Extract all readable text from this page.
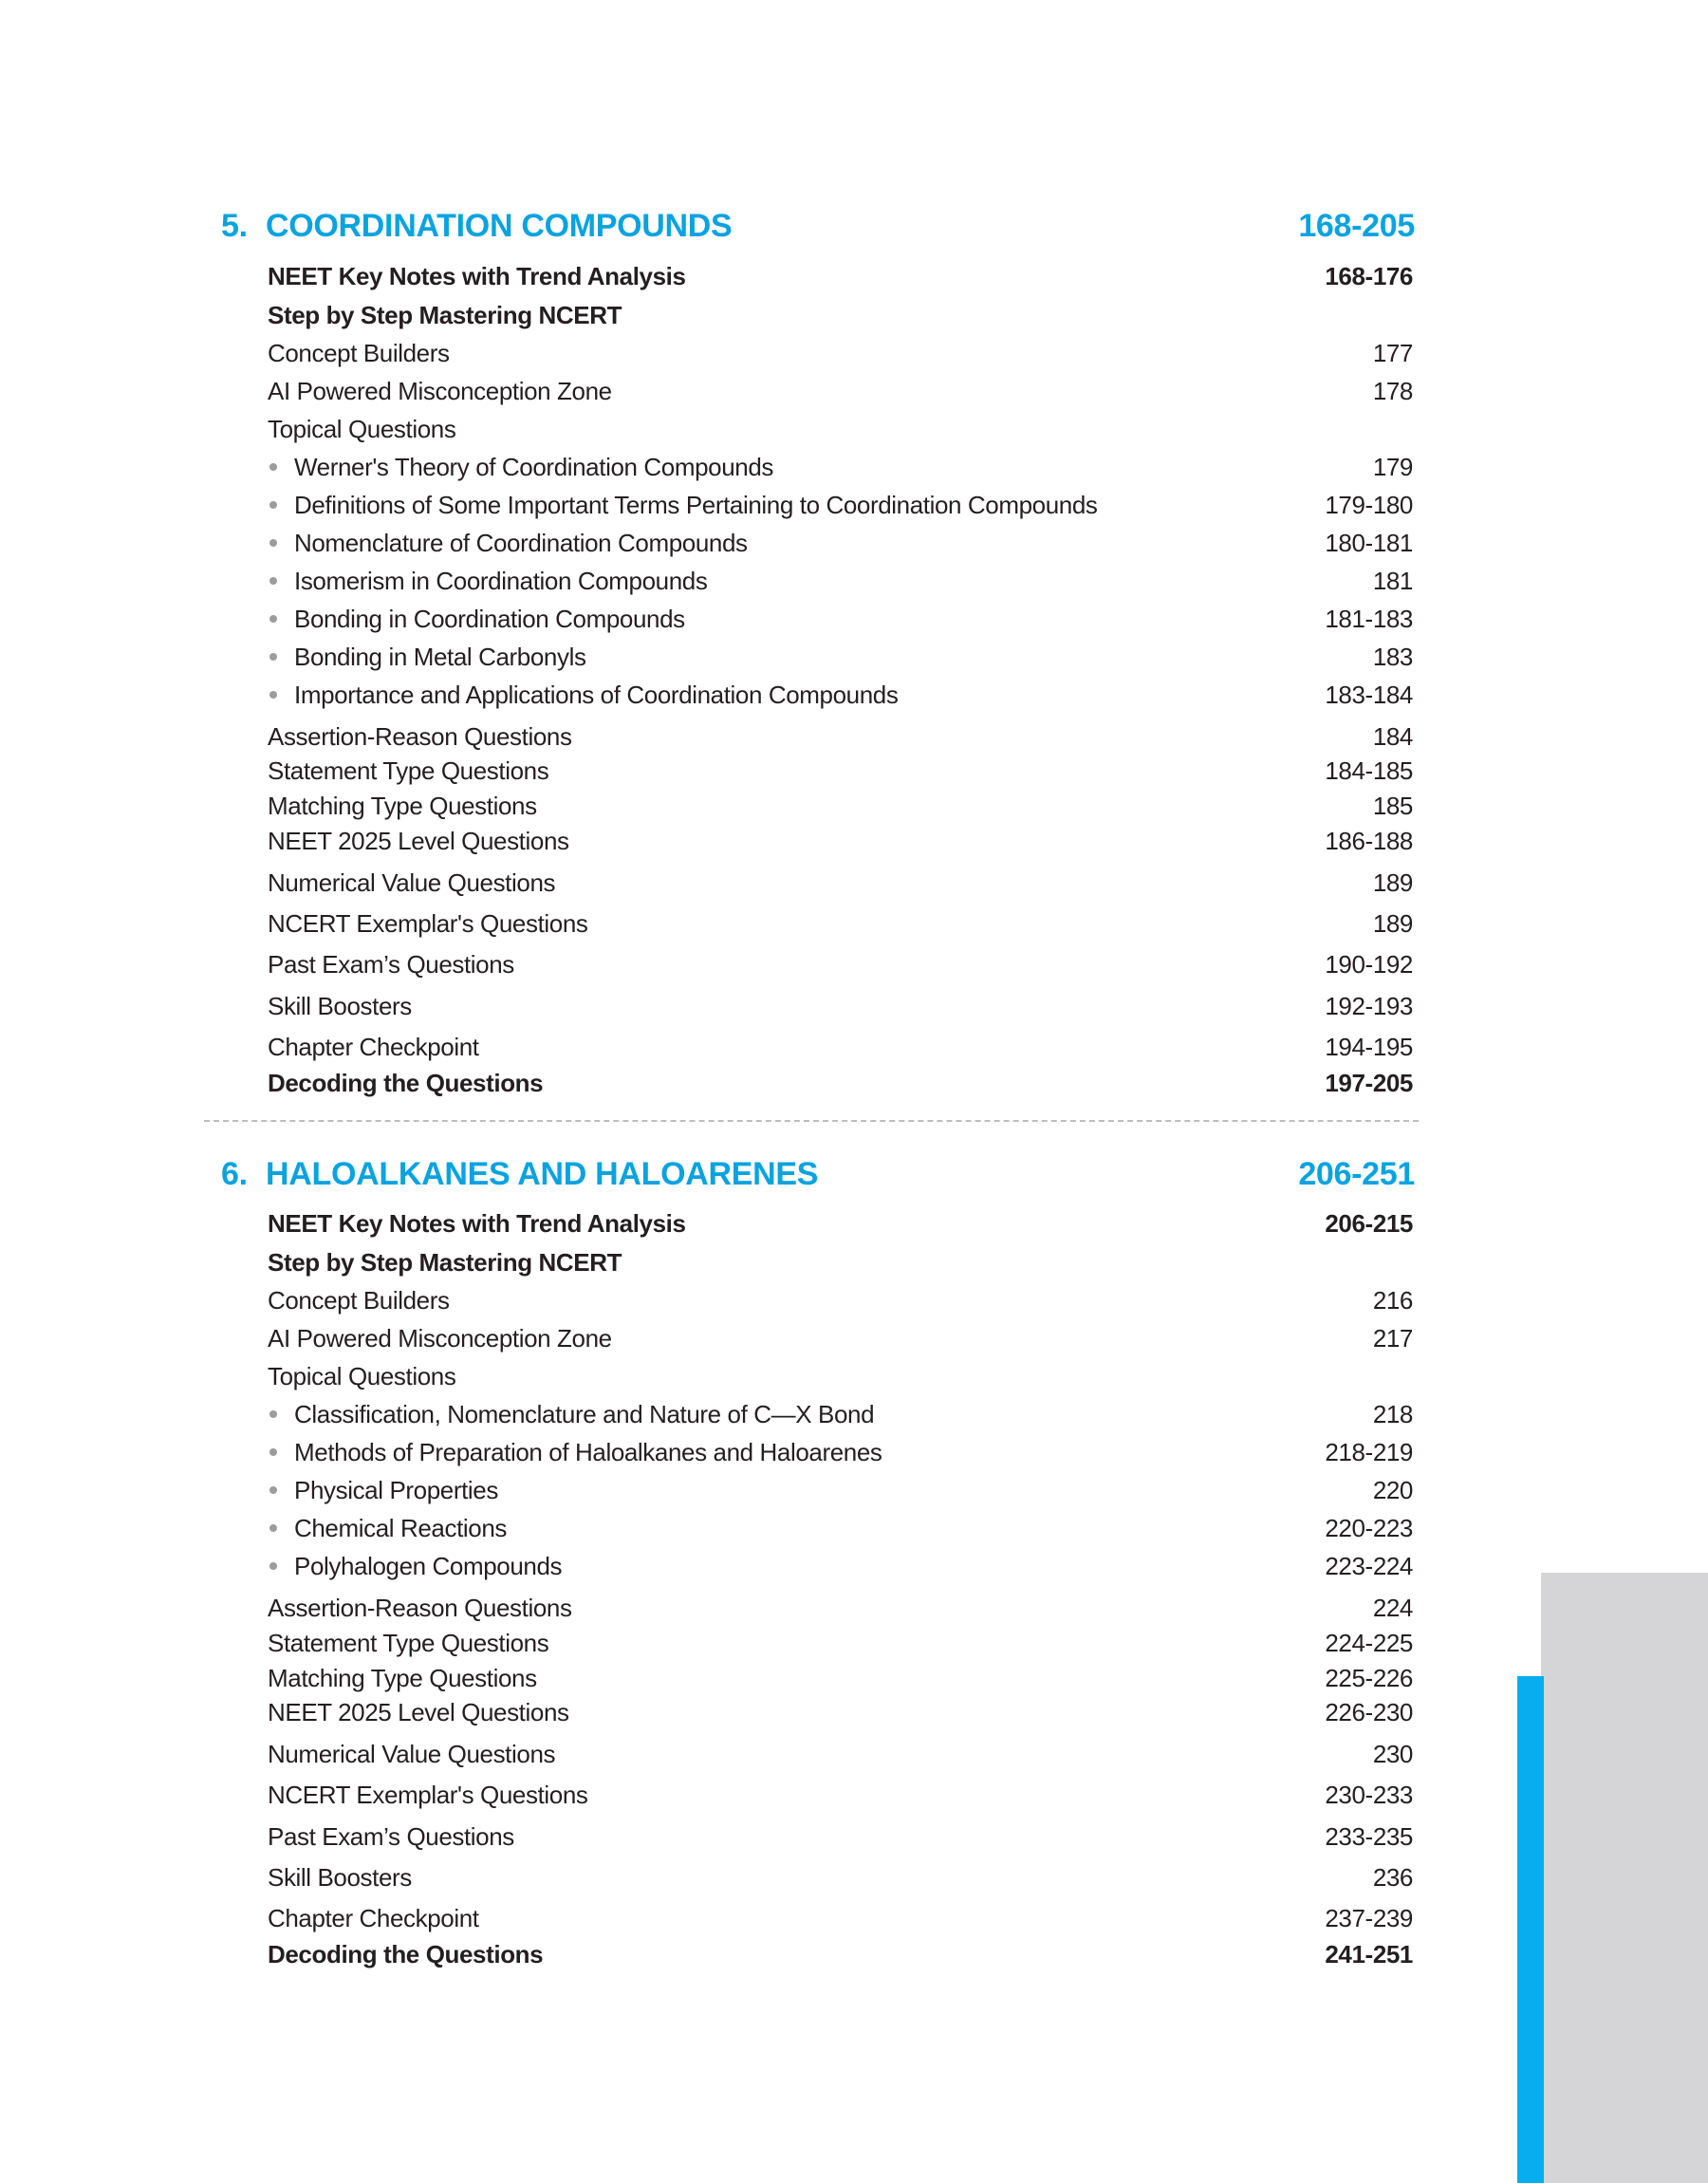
5. COORDINATION COMPOUNDS	168-205
NEET Key Notes with Trend Analysis	168-176
Step by Step Mastering NCERT
Concept Builders	177
AI Powered Misconception Zone	178
Topical Questions
Werner's Theory of Coordination Compounds	179
Definitions of Some Important Terms Pertaining to Coordination Compounds	179-180
Nomenclature of Coordination Compounds	180-181
Isomerism in Coordination Compounds	181
Bonding in Coordination Compounds	181-183
Bonding in Metal Carbonyls	183
Importance and Applications of Coordination Compounds	183-184
Assertion-Reason Questions	184
Statement Type Questions	184-185
Matching Type Questions	185
NEET 2025 Level Questions	186-188
Numerical Value Questions	189
NCERT Exemplar's Questions	189
Past Exam’s Questions	190-192
Skill Boosters	192-193
Chapter Checkpoint	194-195
Decoding the Questions	197-205
6. HALOALKANES AND HALOARENES	206-251
NEET Key Notes with Trend Analysis	206-215
Step by Step Mastering NCERT
Concept Builders	216
AI Powered Misconception Zone	217
Topical Questions
Classification, Nomenclature and Nature of C—X Bond	218
Methods of Preparation of Haloalkanes and Haloarenes	218-219
Physical Properties	220
Chemical Reactions	220-223
Polyhalogen Compounds	223-224
Assertion-Reason Questions	224
Statement Type Questions	224-225
Matching Type Questions	225-226
NEET 2025 Level Questions	226-230
Numerical Value Questions	230
NCERT Exemplar's Questions	230-233
Past Exam’s Questions	233-235
Skill Boosters	236
Chapter Checkpoint	237-239
Decoding the Questions	241-251
